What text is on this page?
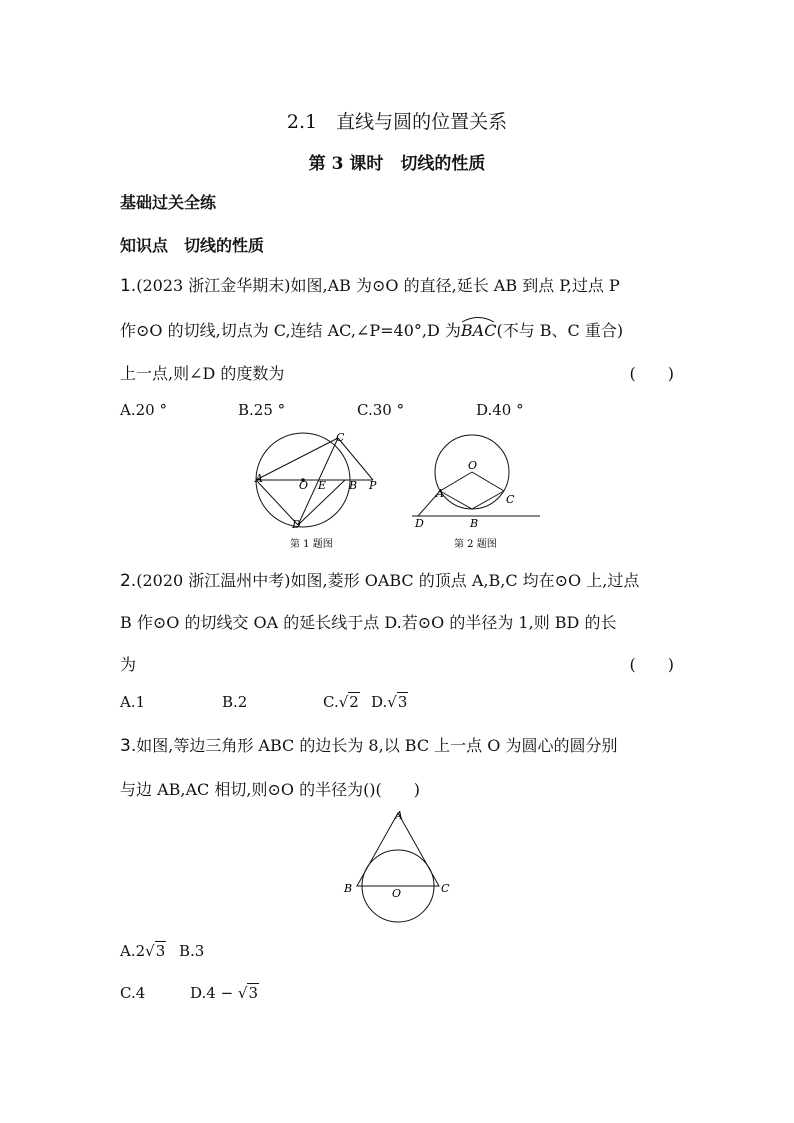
2.1　直线与圆的位置关系
第 3 课时　切线的性质
基础过关全练
知识点　切线的性质
1.(2023 浙江金华期末)如图,AB 为⊙O 的直径,延长 AB 到点 P,过点 P
作⊙O 的切线,切点为 C,连结 AC,∠P=40°,D 为
BAC(不与 B、C 重合)
上一点,则∠D 的度数为	(　　)
A.20 °	B.25 °	C.30 °	D.40 °
A
O E B P
C
D
第 1 题图
O
A	C
D	B
第 2 题图
2.(2020 浙江温州中考)如图,菱形 OABC 的顶点 A,B,C 均在⊙O 上,过点
B 作⊙O 的切线交 OA 的延长线于点 D.若⊙O 的半径为 1,则 BD 的长
为	(　　)
A.1	B.2	C.√2 D.√3
3.如图,等边三角形 ABC 的边长为 8,以 BC 上一点 O 为圆心的圆分别
与边 AB,AC 相切,则⊙O 的半径为()(　　)
A
B	O	C
A.2√3 B.3
C.4	D.4 − √3
